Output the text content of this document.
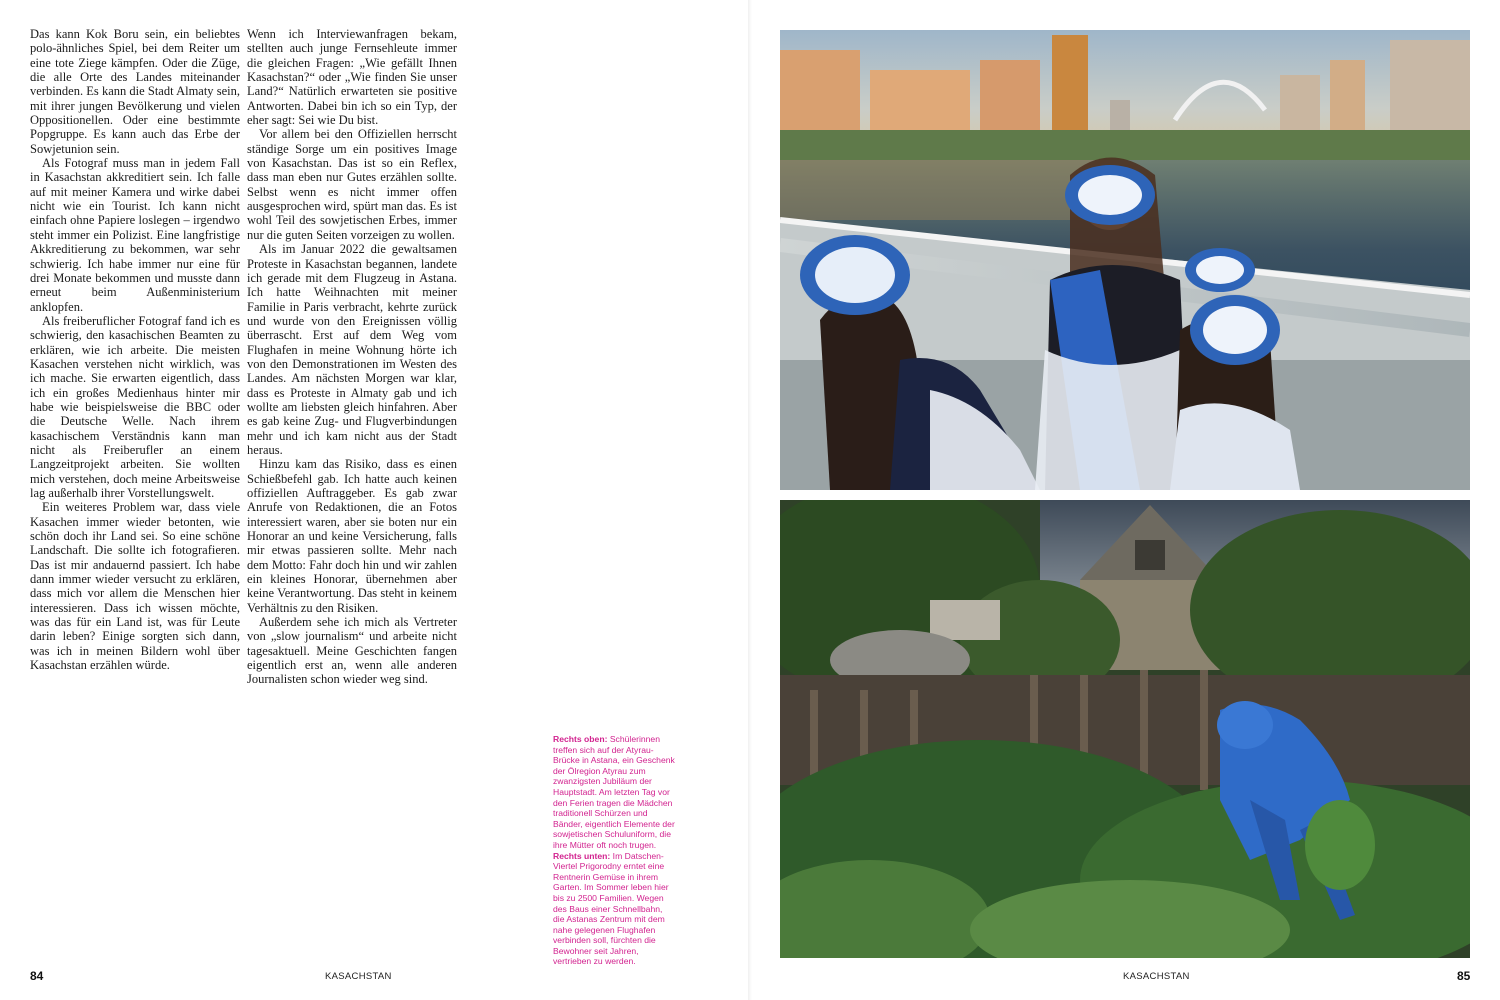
Das kann Kok Boru sein, ein beliebtes polo-ähnliches Spiel, bei dem Reiter um eine tote Ziege kämpfen. Oder die Züge, die alle Orte des Landes miteinander verbinden. Es kann die Stadt Almaty sein, mit ihrer jungen Bevölkerung und vielen Oppositionellen. Oder eine bestimmte Popgruppe. Es kann auch das Erbe der Sowjetunion sein.

Als Fotograf muss man in jedem Fall in Kasachstan akkreditiert sein. Ich falle auf mit meiner Kamera und wirke dabei nicht wie ein Tourist. Ich kann nicht einfach ohne Papiere loslegen – irgendwo steht immer ein Polizist. Eine langfristige Akkreditierung zu bekommen, war sehr schwierig. Ich habe immer nur eine für drei Monate bekommen und musste dann erneut beim Außenministerium anklopfen.

Als freiberuflicher Fotograf fand ich es schwierig, den kasachischen Beamten zu erklären, wie ich arbeite. Die meisten Kasachen verstehen nicht wirklich, was ich mache. Sie erwarten eigentlich, dass ich ein großes Medienhaus hinter mir habe wie beispielsweise die BBC oder die Deutsche Welle. Nach ihrem kasachischem Verständnis kann man nicht als Freiberufler an einem Langzeitprojekt arbeiten. Sie wollten mich verstehen, doch meine Arbeitsweise lag außerhalb ihrer Vorstellungswelt.

Ein weiteres Problem war, dass viele Kasachen immer wieder betonten, wie schön doch ihr Land sei. So eine schöne Landschaft. Die sollte ich fotografieren. Das ist mir andauernd passiert. Ich habe dann immer wieder versucht zu erklären, dass mich vor allem die Menschen hier interessieren. Dass ich wissen möchte, was das für ein Land ist, was für Leute darin leben? Einige sorgten sich dann, was ich in meinen Bildern wohl über Kasachstan erzählen würde.

Wenn ich Interviewanfragen bekam, stellten auch junge Fernsehleute immer die gleichen Fragen: „Wie gefällt Ihnen Kasachstan?“ oder „Wie finden Sie unser Land?“ Natürlich erwarteten sie positive Antworten. Dabei bin ich so ein Typ, der eher sagt: Sei wie Du bist.

Vor allem bei den Offiziellen herrscht ständige Sorge um ein positives Image von Kasachstan. Das ist so ein Reflex, dass man eben nur Gutes erzählen sollte. Selbst wenn es nicht immer offen ausgesprochen wird, spürt man das. Es ist wohl Teil des sowjetischen Erbes, immer nur die guten Seiten vorzeigen zu wollen.

Als im Januar 2022 die gewaltsamen Proteste in Kasachstan begannen, landete ich gerade mit dem Flugzeug in Astana. Ich hatte Weihnachten mit meiner Familie in Paris verbracht, kehrte zurück und wurde von den Ereignissen völlig überrascht. Erst auf dem Weg vom Flughafen in meine Wohnung hörte ich von den Demonstrationen im Westen des Landes. Am nächsten Morgen war klar, dass es Proteste in Almaty gab und ich wollte am liebsten gleich hinfahren. Aber es gab keine Zug- und Flugverbindungen mehr und ich kam nicht aus der Stadt heraus.

Hinzu kam das Risiko, dass es einen Schießbefehl gab. Ich hatte auch keinen offiziellen Auftraggeber. Es gab zwar Anrufe von Redaktionen, die an Fotos interessiert waren, aber sie boten nur ein Honorar an und keine Versicherung, falls mir etwas passieren sollte. Mehr nach dem Motto: Fahr doch hin und wir zahlen ein kleines Honorar, übernehmen aber keine Verantwortung. Das steht in keinem Verhältnis zu den Risiken.

Außerdem sehe ich mich als Vertreter von „slow journalism“ und arbeite nicht tagesaktuell. Meine Geschichten fangen eigentlich erst an, wenn alle anderen Journalisten schon wieder weg sind.

Rechts oben: Schülerinnen treffen sich auf der Atyrau-Brücke in Astana, ein Geschenk der Ölregion Atyrau zum zwanzigsten Jubiläum der Hauptstadt. Am letzten Tag vor den Ferien tragen die Mädchen traditionell Schürzen und Bänder, eigentlich Elemente der sowjetischen Schuluniform, die ihre Mütter oft noch trugen.

Rechts unten: Im Datschen-Viertel Prigorodny erntet eine Rentnerin Gemüse in ihrem Garten. Im Sommer leben hier bis zu 2500 Familien. Wegen des Baus einer Schnellbahn, die Astanas Zentrum mit dem nahe gelegenen Flughafen verbinden soll, fürchten die Bewohner seit Jahren, vertrieben zu werden.

84	KASACHSTAN	KASACHSTAN	85
